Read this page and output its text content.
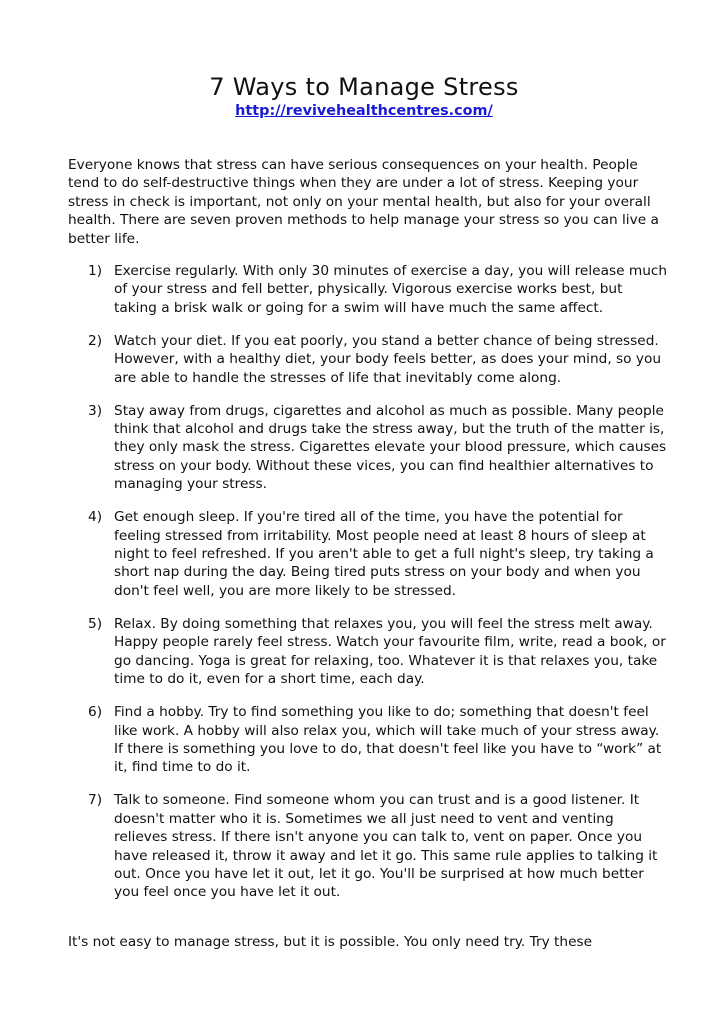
7 Ways to Manage Stress
http://revivehealthcentres.com/

Everyone knows that stress can have serious consequences on your health. People tend to do self-destructive things when they are under a lot of stress. Keeping your stress in check is important, not only on your mental health, but also for your overall health. There are seven proven methods to help manage your stress so you can live a better life.

1) Exercise regularly. With only 30 minutes of exercise a day, you will release much of your stress and fell better, physically. Vigorous exercise works best, but taking a brisk walk or going for a swim will have much the same affect.
2) Watch your diet. If you eat poorly, you stand a better chance of being stressed. However, with a healthy diet, your body feels better, as does your mind, so you are able to handle the stresses of life that inevitably come along.
3) Stay away from drugs, cigarettes and alcohol as much as possible. Many people think that alcohol and drugs take the stress away, but the truth of the matter is, they only mask the stress. Cigarettes elevate your blood pressure, which causes stress on your body. Without these vices, you can find healthier alternatives to managing your stress.
4) Get enough sleep. If you're tired all of the time, you have the potential for feeling stressed from irritability. Most people need at least 8 hours of sleep at night to feel refreshed. If you aren't able to get a full night's sleep, try taking a short nap during the day. Being tired puts stress on your body and when you don't feel well, you are more likely to be stressed.
5) Relax. By doing something that relaxes you, you will feel the stress melt away. Happy people rarely feel stress. Watch your favourite film, write, read a book, or go dancing. Yoga is great for relaxing, too. Whatever it is that relaxes you, take time to do it, even for a short time, each day.
6) Find a hobby. Try to find something you like to do; something that doesn't feel like work. A hobby will also relax you, which will take much of your stress away. If there is something you love to do, that doesn't feel like you have to “work” at it, find time to do it.
7) Talk to someone. Find someone whom you can trust and is a good listener. It doesn't matter who it is. Sometimes we all just need to vent and venting relieves stress. If there isn't anyone you can talk to, vent on paper. Once you have released it, throw it away and let it go. This same rule applies to talking it out. Once you have let it out, let it go. You'll be surprised at how much better you feel once you have let it out.

It's not easy to manage stress, but it is possible. You only need try. Try these
